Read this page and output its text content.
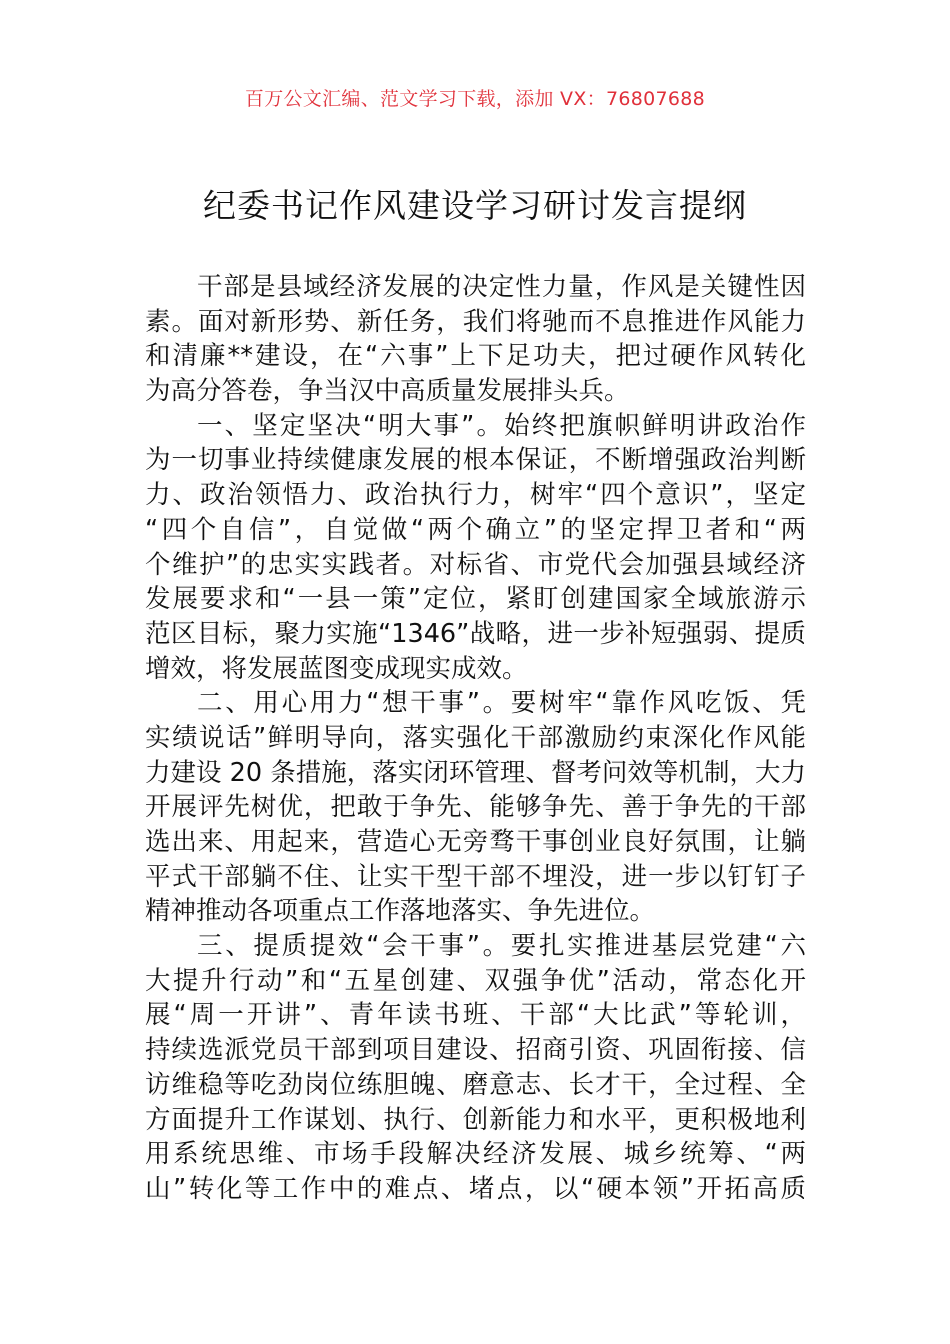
百万公文汇编、范文学习下载，添加 VX：76807688
纪委书记作风建设学习研讨发言提纲
干部是县域经济发展的决定性力量，作风是关键性因
素。面对新形势、新任务，我们将驰而不息推进作风能力
和清廉**建设，在“六事”上下足功夫，把过硬作风转化
为高分答卷，争当汉中高质量发展排头兵。
一、坚定坚决“明大事”。始终把旗帜鲜明讲政治作
为一切事业持续健康发展的根本保证，不断增强政治判断
力、政治领悟力、政治执行力，树牢“四个意识”，坚定
“四个自信”，自觉做“两个确立”的坚定捍卫者和“两
个维护”的忠实实践者。对标省、市党代会加强县域经济
发展要求和“一县一策”定位，紧盯创建国家全域旅游示
范区目标，聚力实施“1346”战略，进一步补短强弱、提质
增效，将发展蓝图变成现实成效。
二、用心用力“想干事”。要树牢“靠作风吃饭、凭
实绩说话”鲜明导向，落实强化干部激励约束深化作风能
力建设 20 条措施，落实闭环管理、督考问效等机制，大力
开展评先树优，把敢于争先、能够争先、善于争先的干部
选出来、用起来，营造心无旁骛干事创业良好氛围，让躺
平式干部躺不住、让实干型干部不埋没，进一步以钉钉子
精神推动各项重点工作落地落实、争先进位。
三、提质提效“会干事”。要扎实推进基层党建“六
大提升行动”和“五星创建、双强争优”活动，常态化开
展“周一开讲”、青年读书班、干部“大比武”等轮训，
持续选派党员干部到项目建设、招商引资、巩固衔接、信
访维稳等吃劲岗位练胆魄、磨意志、长才干，全过程、全
方面提升工作谋划、执行、创新能力和水平，更积极地利
用系统思维、市场手段解决经济发展、城乡统筹、“两
山”转化等工作中的难点、堵点，以“硬本领”开拓高质
